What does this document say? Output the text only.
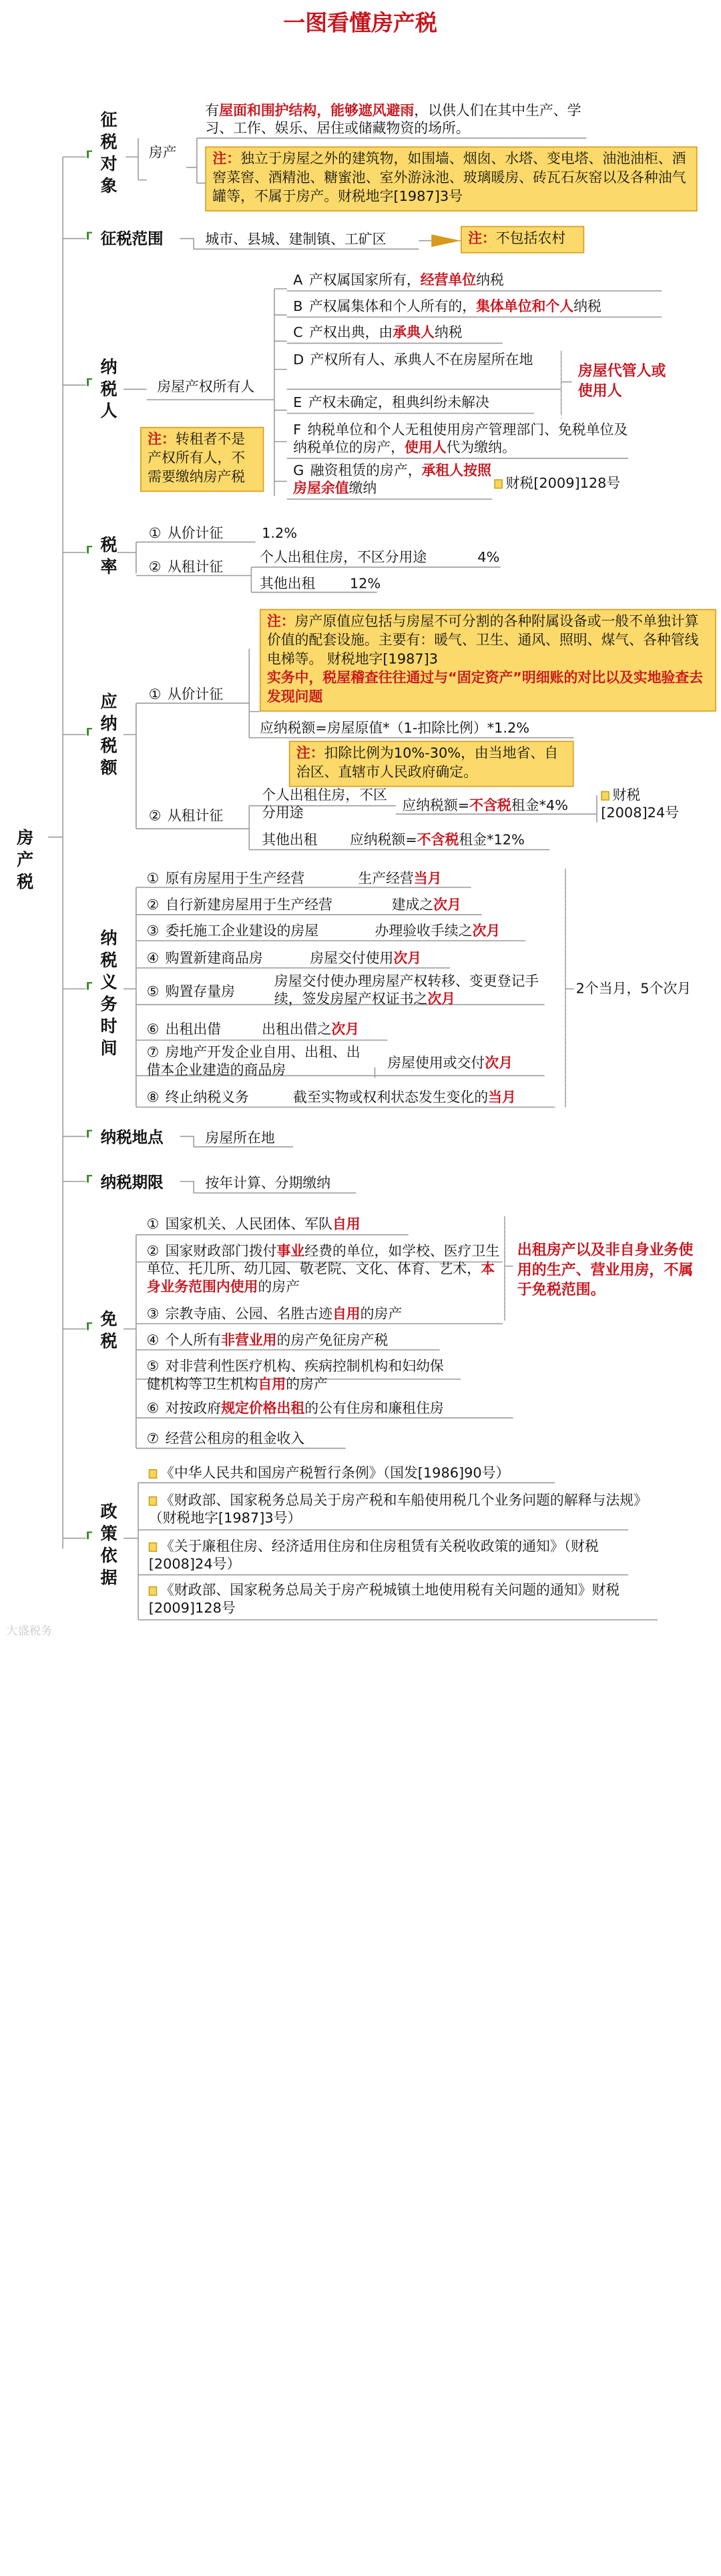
一图看懂房产税
房
产
税
ᒥ
ᒥ
ᒥ
ᒥ
ᒥ
ᒥ
ᒥ
ᒥ
ᒥ
ᒥ
征
税
对
象
房产
有屋面和围护结构，能够遮风避雨，以供人们在其中生产、学习、工作、娱乐、居住或储藏物资的场所。
注：独立于房屋之外的建筑物，如围墙、烟囱、水塔、变电塔、油池油柜、酒窖菜窖、酒精池、糖蜜池、室外游泳池、玻璃暖房、砖瓦石灰窑以及各种油气罐等，不属于房产。财税地字[1987]3号
征税范围	城市、县城、建制镇、工矿区	注：不包括农村
纳
税
人
房屋产权所有人
A 产权属国家所有，经营单位纳税
B 产权属集体和个人所有的，集体单位和个人纳税
C 产权出典，由承典人纳税
D 产权所有人、承典人不在房屋所在地
E 产权未确定，租典纠纷未解决
F 纳税单位和个人无租使用房产管理部门、免税单位及纳税单位的房产，使用人代为缴纳。
G 融资租赁的房产，承租人按照房屋余值缴纳
房屋代管人或使用人
财税[2009]128号
注：转租者不是产权所有人，不需要缴纳房产税
税
率
① 从价计征	1.2%
② 从租计征
个人出租住房，不区分用途	4%
其他出租	12%
应
纳
税
额
① 从价计征
注：房产原值应包括与房屋不可分割的各种附属设备或一般不单独计算价值的配套设施。主要有：暖气、卫生、通风、照明、煤气、各种管线电梯等。 财税地字[1987]3
实务中，税屋稽查往往通过与“固定资产”明细账的对比以及实地验查去发现问题
应纳税额=房屋原值*（1-扣除比例）*1.2%
注：扣除比例为10%-30%，由当地省、自治区、直辖市人民政府确定。
② 从租计征
个人出租住房，不区分用途	应纳税额=不含税租金*4%
财税[2008]24号
其他出租	应纳税额=不含税租金*12%
纳
税
义
务
时
间
① 原有房屋用于生产经营	生产经营当月
② 自行新建房屋用于生产经营	建成之次月
③ 委托施工企业建设的房屋	办理验收手续之次月
④ 购置新建商品房	房屋交付使用次月
⑤ 购置存量房
房屋交付使办理房屋产权转移、变更登记手续，签发房屋产权证书之次月
⑥ 出租出借	出租出借之次月
⑦ 房地产开发企业自用、出租、出借本企业建造的商品房	房屋使用或交付次月
⑧ 终止纳税义务	截至实物或权利状态发生变化的当月
2个当月，5个次月
纳税地点	房屋所在地
纳税期限	按年计算、分期缴纳
免
税
① 国家机关、人民团体、军队自用
② 国家财政部门拨付事业经费的单位，如学校、医疗卫生单位、托儿所、幼儿园、敬老院、文化、体育、艺术，本身业务范围内使用的房产
③ 宗教寺庙、公园、名胜古迹自用的房产
④ 个人所有非营业用的房产免征房产税
⑤ 对非营利性医疗机构、疾病控制机构和妇幼保健机构等卫生机构自用的房产
⑥ 对按政府规定价格出租的公有住房和廉租住房
⑦ 经营公租房的租金收入
出租房产以及非自身业务使用的生产、营业用房，不属于免税范围。
政
策
依
据
《中华人民共和国房产税暂行条例》（国发[1986]90号）
《财政部、国家税务总局关于房产税和车船使用税几个业务问题的解释与法规》（财税地字[1987]3号）
《关于廉租住房、经济适用住房和住房租赁有关税收政策的通知》（财税[2008]24号）
《财政部、国家税务总局关于房产税城镇土地使用税有关问题的通知》财税[2009]128号
大盛税务
